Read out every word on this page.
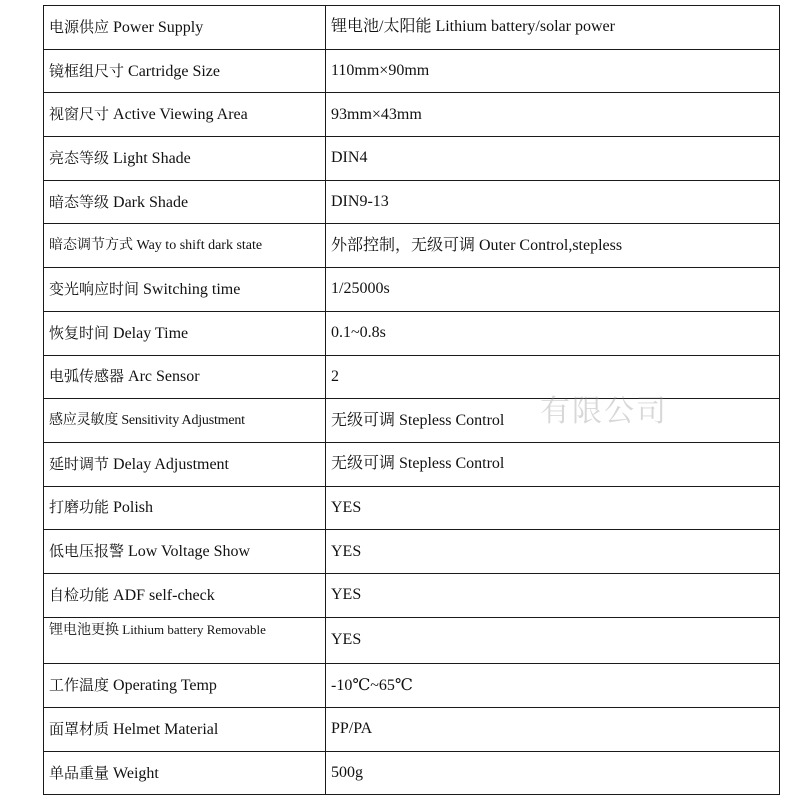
电源供应 Power Supply	锂电池/太阳能 Lithium battery/solar power
镜框组尺寸 Cartridge Size	110mm×90mm
视窗尺寸 Active Viewing Area	93mm×43mm
亮态等级 Light Shade	DIN4
暗态等级 Dark Shade	DIN9-13
暗态调节方式 Way to shift dark state	外部控制，无级可调 Outer Control,stepless
变光响应时间 Switching time	1/25000s
恢复时间 Delay Time	0.1~0.8s
电弧传感器 Arc Sensor	2
感应灵敏度 Sensitivity Adjustment	无级可调 Stepless Control
延时调节 Delay Adjustment	无级可调 Stepless Control
打磨功能 Polish	YES
低电压报警 Low Voltage Show	YES
自检功能 ADF self-check	YES
锂电池更换 Lithium battery Removable	YES
工作温度 Operating Temp	-10℃~65℃
面罩材质 Helmet Material	PP/PA
单品重量 Weight	500g
有限公司
